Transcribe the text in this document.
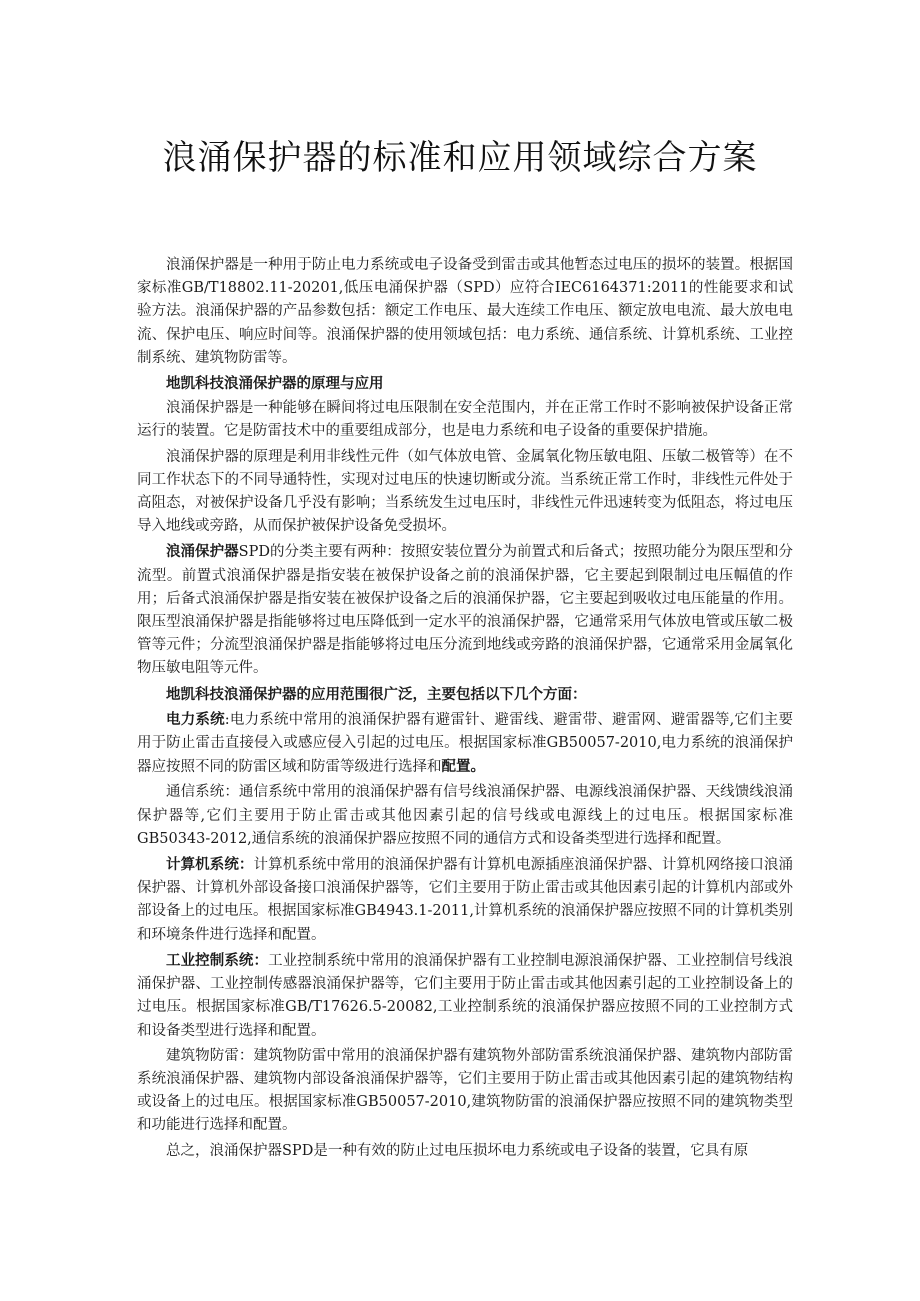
浪涌保护器的标准和应用领域综合方案

浪涌保护器是一种用于防止电力系统或电子设备受到雷击或其他暂态过电压的损坏的装置。根据国家标准GB/T18802.11-20201,低压电涌保护器（SPD）应符合IEC6164371:2011的性能要求和试验方法。浪涌保护器的产品参数包括：额定工作电压、最大连续工作电压、额定放电电流、最大放电电流、保护电压、响应时间等。浪涌保护器的使用领域包括：电力系统、通信系统、计算机系统、工业控制系统、建筑物防雷等。

地凯科技浪涌保护器的原理与应用

浪涌保护器是一种能够在瞬间将过电压限制在安全范围内，并在正常工作时不影响被保护设备正常运行的装置。它是防雷技术中的重要组成部分，也是电力系统和电子设备的重要保护措施。

浪涌保护器的原理是利用非线性元件（如气体放电管、金属氧化物压敏电阻、压敏二极管等）在不同工作状态下的不同导通特性，实现对过电压的快速切断或分流。当系统正常工作时，非线性元件处于高阻态，对被保护设备几乎没有影响；当系统发生过电压时，非线性元件迅速转变为低阻态，将过电压导入地线或旁路，从而保护被保护设备免受损坏。

浪涌保护器SPD的分类主要有两种：按照安装位置分为前置式和后备式；按照功能分为限压型和分流型。前置式浪涌保护器是指安装在被保护设备之前的浪涌保护器，它主要起到限制过电压幅值的作用；后备式浪涌保护器是指安装在被保护设备之后的浪涌保护器，它主要起到吸收过电压能量的作用。限压型浪涌保护器是指能够将过电压降低到一定水平的浪涌保护器，它通常采用气体放电管或压敏二极管等元件；分流型浪涌保护器是指能够将过电压分流到地线或旁路的浪涌保护器，它通常采用金属氧化物压敏电阻等元件。

地凯科技浪涌保护器的应用范围很广泛，主要包括以下几个方面：

电力系统:电力系统中常用的浪涌保护器有避雷针、避雷线、避雷带、避雷网、避雷器等,它们主要用于防止雷击直接侵入或感应侵入引起的过电压。根据国家标准GB50057-2010,电力系统的浪涌保护器应按照不同的防雷区域和防雷等级进行选择和配置。

通信系统：通信系统中常用的浪涌保护器有信号线浪涌保护器、电源线浪涌保护器、天线馈线浪涌保护器等,它们主要用于防止雷击或其他因素引起的信号线或电源线上的过电压。根据国家标准GB50343-2012,通信系统的浪涌保护器应按照不同的通信方式和设备类型进行选择和配置。

计算机系统：计算机系统中常用的浪涌保护器有计算机电源插座浪涌保护器、计算机网络接口浪涌保护器、计算机外部设备接口浪涌保护器等，它们主要用于防止雷击或其他因素引起的计算机内部或外部设备上的过电压。根据国家标准GB4943.1-2011,计算机系统的浪涌保护器应按照不同的计算机类别和环境条件进行选择和配置。

工业控制系统：工业控制系统中常用的浪涌保护器有工业控制电源浪涌保护器、工业控制信号线浪涌保护器、工业控制传感器浪涌保护器等，它们主要用于防止雷击或其他因素引起的工业控制设备上的过电压。根据国家标准GB/T17626.5-20082,工业控制系统的浪涌保护器应按照不同的工业控制方式和设备类型进行选择和配置。

建筑物防雷：建筑物防雷中常用的浪涌保护器有建筑物外部防雷系统浪涌保护器、建筑物内部防雷系统浪涌保护器、建筑物内部设备浪涌保护器等，它们主要用于防止雷击或其他因素引起的建筑物结构或设备上的过电压。根据国家标准GB50057-2010,建筑物防雷的浪涌保护器应按照不同的建筑物类型和功能进行选择和配置。

总之，浪涌保护器SPD是一种有效的防止过电压损坏电力系统或电子设备的装置，它具有原
